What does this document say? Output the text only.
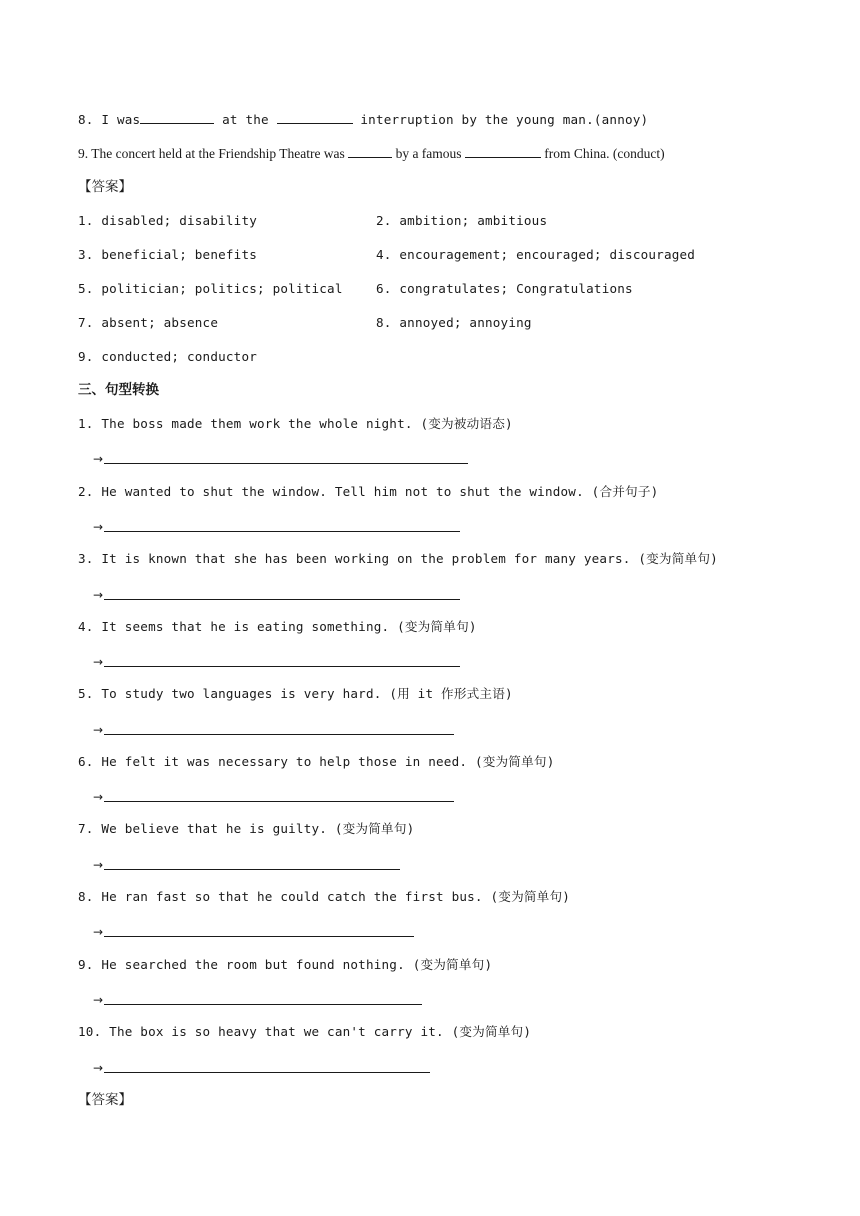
8. I was	at the	interruption by the young man.(annoy)
9. The concert held at the Friendship Theatre was	by a famous	from China. (conduct)
【答案】
1. disabled; disability	2. ambition; ambitious
3. beneficial; benefits	4. encouragement; encouraged; discouraged
5. politician; politics; political	6. congratulates; Congratulations
7. absent; absence	8. annoyed; annoying
9. conducted; conductor
三、句型转换
1. The boss made them work the whole night. (变为被动语态)
→
2. He wanted to shut the window. Tell him not to shut the window. (合并句子)
→
3. It is known that she has been working on the problem for many years. (变为简单句)
→
4. It seems that he is eating something. (变为简单句)
→
5. To study two languages is very hard. (用 it 作形式主语)
→
6. He felt it was necessary to help those in need. (变为简单句)
→
7. We believe that he is guilty. (变为简单句)
→
8. He ran fast so that he could catch the first bus. (变为简单句)
→
9. He searched the room but found nothing. (变为简单句)
→
10. The box is so heavy that we can't carry it. (变为简单句)
→
【答案】
